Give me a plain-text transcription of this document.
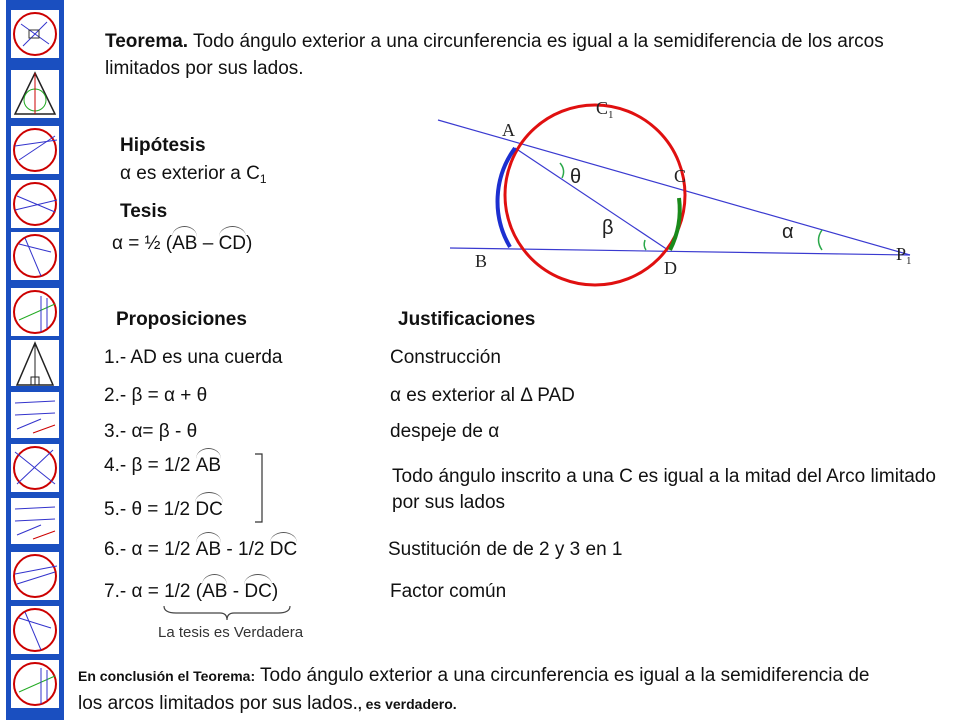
Teorema. Todo ángulo exterior a una circunferencia es igual a la semidiferencia de los arcos limitados por sus lados.
Hipótesis
α es exterior a $C_1$
Tesis
α = ½ (AB – CD)
$C_1$
A
C
B	D
$P_1$
θ
β	α
Proposiciones	Justificaciones
1.- AD es una cuerda	Construcción
2.- β = α + θ	α es exterior al Δ PAD
3.- α= β - θ	despeje de α
4.- β = 1/2 AB
5.- θ = 1/2 DC
Todo ángulo inscrito a una C es igual a la mitad del Arco limitado por sus lados
6.- α = 1/2 AB - 1/2 DC	Sustitución de de 2 y 3 en 1
7.- α = 1/2 (AB - DC)	Factor común
La tesis es Verdadera
En conclusión el Teorema: Todo ángulo exterior a una circunferencia es igual a la semidiferencia de los arcos limitados por sus lados., es verdadero.
